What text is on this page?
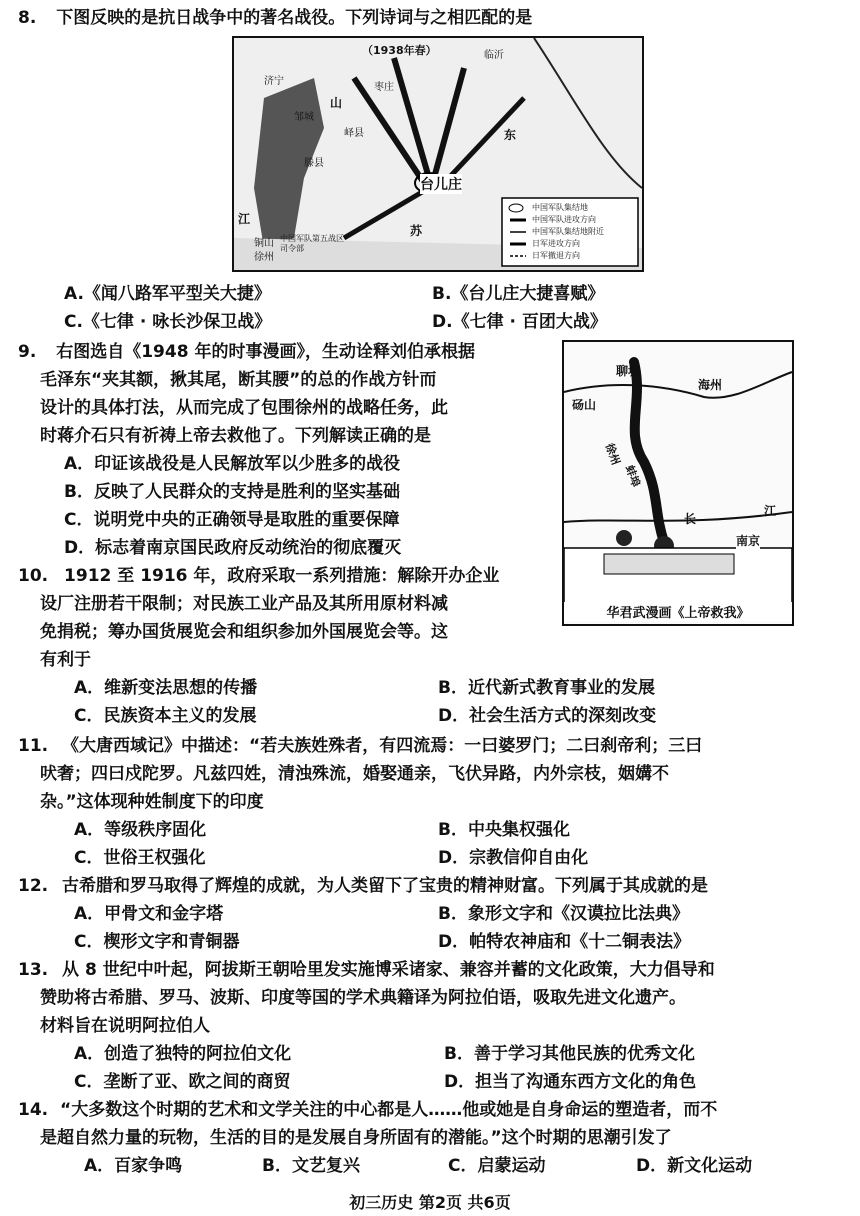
8. 下图反映的是抗日战争中的著名战役。下列诗词与之相匹配的是
（1938年春）
台儿庄
临沂
邹城
枣庄
峄县
滕县
济宁
徐州
铜山
山
东
江
苏
中国军队第五战区司令部
中国军队集结地
中国军队进攻方向
中国军队集结地附近
日军进攻方向
日军撤退方向
A.《闻八路军平型关大捷》	B.《台儿庄大捷喜赋》
C.《七律 · 咏长沙保卫战》	D.《七律 · 百团大战》
9. 右图选自《1948 年的时事漫画》，生动诠释刘伯承根据
毛泽东“夹其额，揪其尾，断其腰”的总的作战方针而
设计的具体打法，从而完成了包围徐州的战略任务，此
时蒋介石只有祈祷上帝去救他了。下列解读正确的是
A．印证该战役是人民解放军以少胜多的战役
B．反映了人民群众的支持是胜利的坚实基础
C．说明党中央的正确领导是取胜的重要保障
D．标志着南京国民政府反动统治的彻底覆灭
聊城
砀山
海州
徐州
蚌埠
长
江
南京
华君武漫画《上帝救我》
10. 1912 至 1916 年，政府采取一系列措施：解除开办企业
设厂注册若干限制；对民族工业产品及其所用原材料减
免捐税；筹办国货展览会和组织参加外国展览会等。这
有利于
A．维新变法思想的传播	B．近代新式教育事业的发展
C．民族资本主义的发展	D．社会生活方式的深刻改变
11. 《大唐西域记》中描述：“若夫族姓殊者，有四流焉：一曰婆罗门；二曰刹帝利；三曰
吠奢；四曰戍陀罗。凡兹四姓，清浊殊流，婚娶通亲，飞伏异路，内外宗枝，姻媾不
杂。”这体现种姓制度下的印度
A．等级秩序固化	B．中央集权强化
C．世俗王权强化	D．宗教信仰自由化
12. 古希腊和罗马取得了辉煌的成就，为人类留下了宝贵的精神财富。下列属于其成就的是
A．甲骨文和金字塔	B．象形文字和《汉谟拉比法典》
C．楔形文字和青铜器	D．帕特农神庙和《十二铜表法》
13. 从 8 世纪中叶起，阿拔斯王朝哈里发实施博采诸家、兼容并蓄的文化政策，大力倡导和
赞助将古希腊、罗马、波斯、印度等国的学术典籍译为阿拉伯语，吸取先进文化遗产。
材料旨在说明阿拉伯人
A．创造了独特的阿拉伯文化	B．善于学习其他民族的优秀文化
C．垄断了亚、欧之间的商贸	D．担当了沟通东西方文化的角色
14. “大多数这个时期的艺术和文学关注的中心都是人……他或她是自身命运的塑造者，而不
是超自然力量的玩物，生活的目的是发展自身所固有的潜能。”这个时期的思潮引发了
A．百家争鸣	B．文艺复兴	C．启蒙运动	D．新文化运动
初三历史 第2页 共6页
